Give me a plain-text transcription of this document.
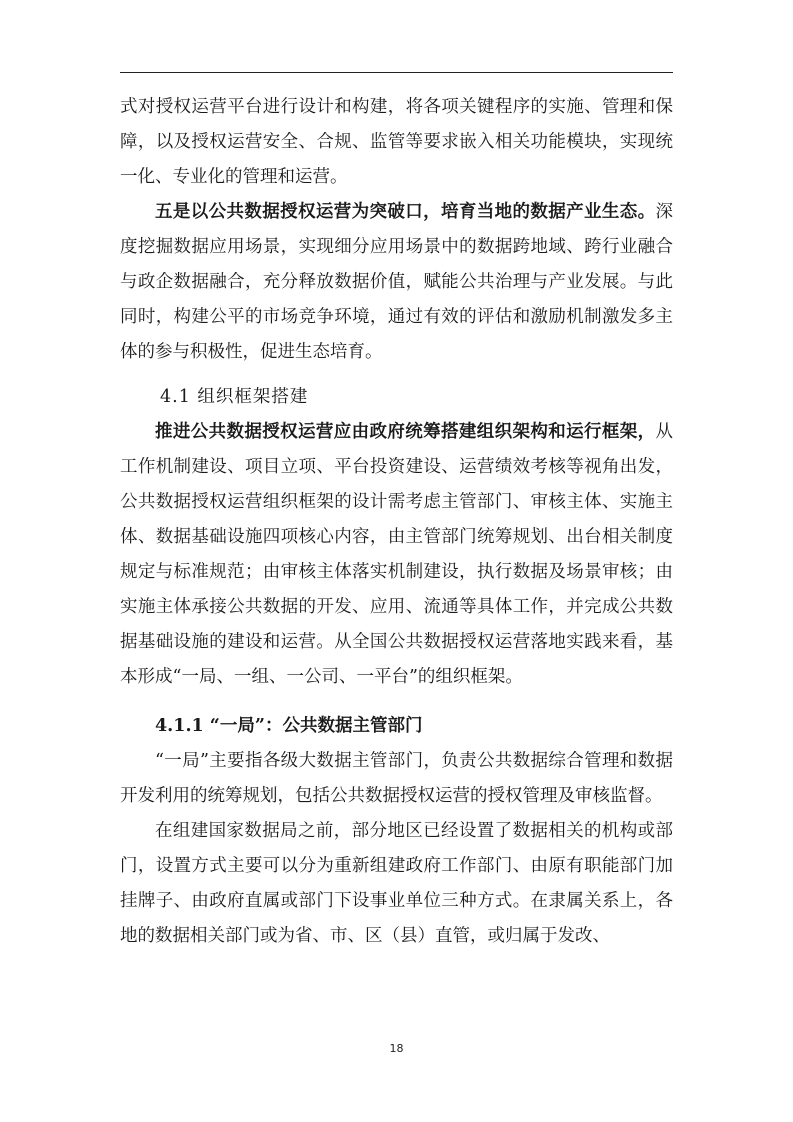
式对授权运营平台进行设计和构建，将各项关键程序的实施、管理和保障，以及授权运营安全、合规、监管等要求嵌入相关功能模块，实现统一化、专业化的管理和运营。

五是以公共数据授权运营为突破口，培育当地的数据产业生态。深度挖掘数据应用场景，实现细分应用场景中的数据跨地域、跨行业融合与政企数据融合，充分释放数据价值，赋能公共治理与产业发展。与此同时，构建公平的市场竞争环境，通过有效的评估和激励机制激发多主体的参与积极性，促进生态培育。

4.1 组织框架搭建

推进公共数据授权运营应由政府统筹搭建组织架构和运行框架，从工作机制建设、项目立项、平台投资建设、运营绩效考核等视角出发，公共数据授权运营组织框架的设计需考虑主管部门、审核主体、实施主体、数据基础设施四项核心内容，由主管部门统筹规划、出台相关制度规定与标准规范；由审核主体落实机制建设，执行数据及场景审核；由实施主体承接公共数据的开发、应用、流通等具体工作，并完成公共数据基础设施的建设和运营。从全国公共数据授权运营落地实践来看，基本形成“一局、一组、一公司、一平台”的组织框架。

4.1.1 “一局”：公共数据主管部门

“一局”主要指各级大数据主管部门，负责公共数据综合管理和数据开发利用的统筹规划，包括公共数据授权运营的授权管理及审核监督。

在组建国家数据局之前，部分地区已经设置了数据相关的机构或部门，设置方式主要可以分为重新组建政府工作部门、由原有职能部门加挂牌子、由政府直属或部门下设事业单位三种方式。在隶属关系上，各地的数据相关部门或为省、市、区（县）直管，或归属于发改、

18
